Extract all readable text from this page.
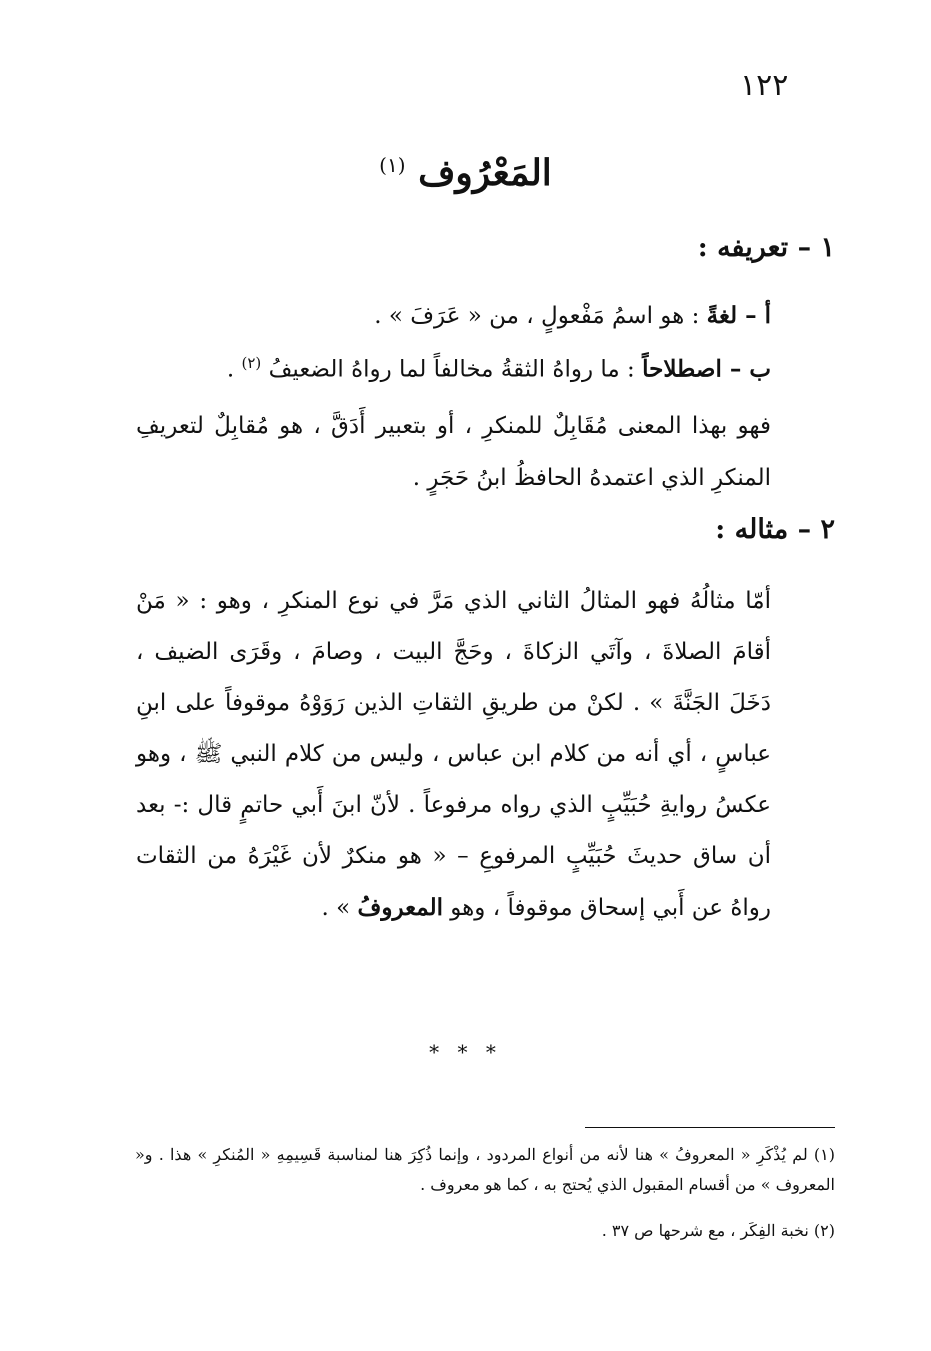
١٢٢
المَعْرُوف $^{(١)}$
١ – تعريفه :
أ – لغةً : هو اسمُ مَفْعولٍ ، من « عَرَفَ » .
ب – اصطلاحاً : ما رواهُ الثقةُ مخالفاً لما رواهُ الضعيفُ $^{(٢)}$ .
فهو بهذا المعنى مُقَابِلٌ للمنكرِ ، أو بتعبير أَدَقَّ ، هو مُقابِلٌ لتعريفِ المنكرِ الذي اعتمدهُ الحافظُ ابنُ حَجَرٍ .
٢ – مثاله :
أمّا مثالُهُ فهو المثالُ الثاني الذي مَرَّ في نوع المنكرِ ، وهو : « مَنْ أقامَ الصلاةَ ، وآتَي الزكاةَ ، وحَجَّ البيت ، وصامَ ، وقَرَى الضيف ، دَخَلَ الجَنَّةَ » . لكنْ من طريقِ الثقاتِ الذين رَوَوْهُ موقوفاً على ابنِ عباسٍ ، أي أنه من كلام ابن عباس ، وليس من كلام النبي ﷺ ، وهو عكسُ روايةِ حُبَيِّبٍ الذي رواه مرفوعاً . لأنّ ابنَ أَبي حاتمٍ قال :- بعد أن ساق حديثَ حُبَيِّبٍ المرفوعِ – « هو منكرٌ لأن غَيْرَهُ من الثقات رواهُ عن أَبي إسحاق موقوفاً ، وهو المعروفُ » .
* * *
(١) لم يُذْكَرِ « المعروفُ » هنا لأنه من أنواع المردود ، وإنما ذُكِرَ هنا لمناسبة قَسِيمِهِ « المُنكرِ » هذا . و« المعروف » من أقسام المقبول الذي يُحتج به ، كما هو معروف .
(٢) نخبة الفِكَر ، مع شرحها ص ٣٧ .
